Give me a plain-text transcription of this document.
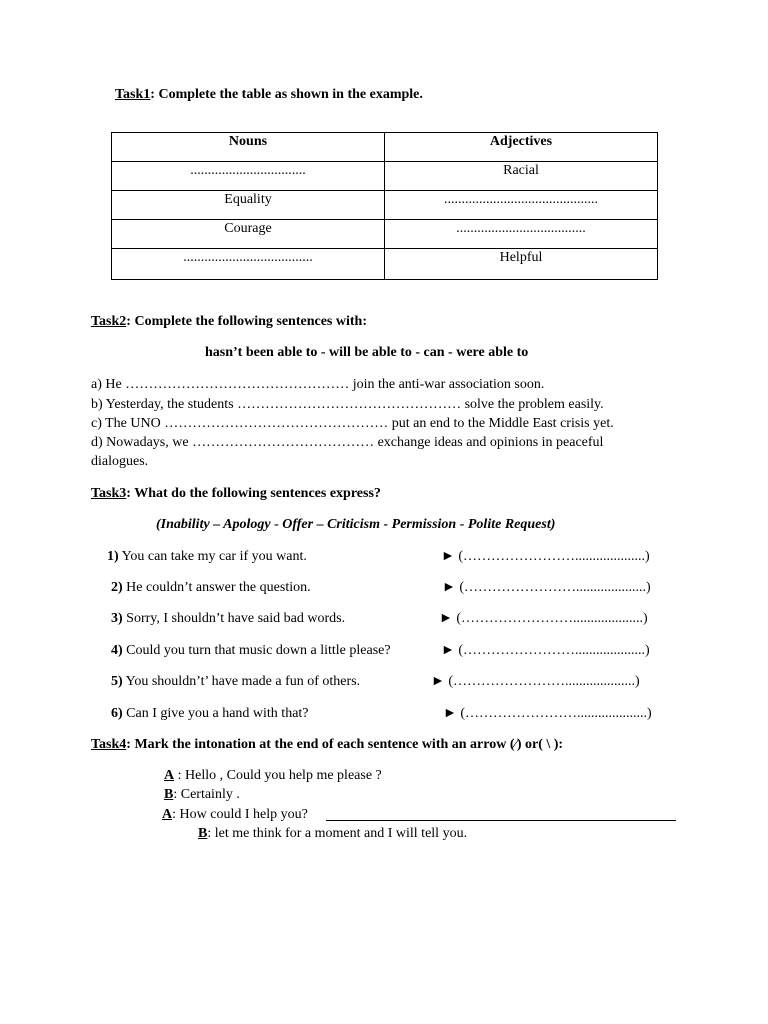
Task1: Complete the table as shown in the example.
Nouns	Adjectives
.................................	Racial
Equality	............................................
Courage	.....................................
.....................................	Helpful
Task2: Complete the following sentences with:
hasn’t been able to - will be able to - can - were able to
a) He ………………………………………… join the anti-war association soon.
b) Yesterday, the students ………………………………………… solve the problem easily.
c) The UNO ………………………………………… put an end to the Middle East crisis yet.
d) Nowadays, we ………………………………… exchange ideas and opinions in peaceful
dialogues.
Task3: What do the following sentences express?
(Inability – Apology - Offer – Criticism - Permission - Polite Request)
1) You can take my car if you want.	► (……………………....................)
2) He couldn’t answer the question.	► (……………………....................)
3) Sorry, I shouldn’t have said bad words.	► (……………………....................)
4) Could you turn that music down a little please?	► (……………………....................)
5) You shouldn’t’ have made a fun of others.	► (……………………....................)
6) Can I give you a hand with that?	► (……………………....................)
Task4: Mark the intonation at the end of each sentence with an arrow (∕) or( \ ):
A : Hello , Could you help me please ?
B: Certainly .
A: How could I help you?
B: let me think for a moment and I will tell you.
